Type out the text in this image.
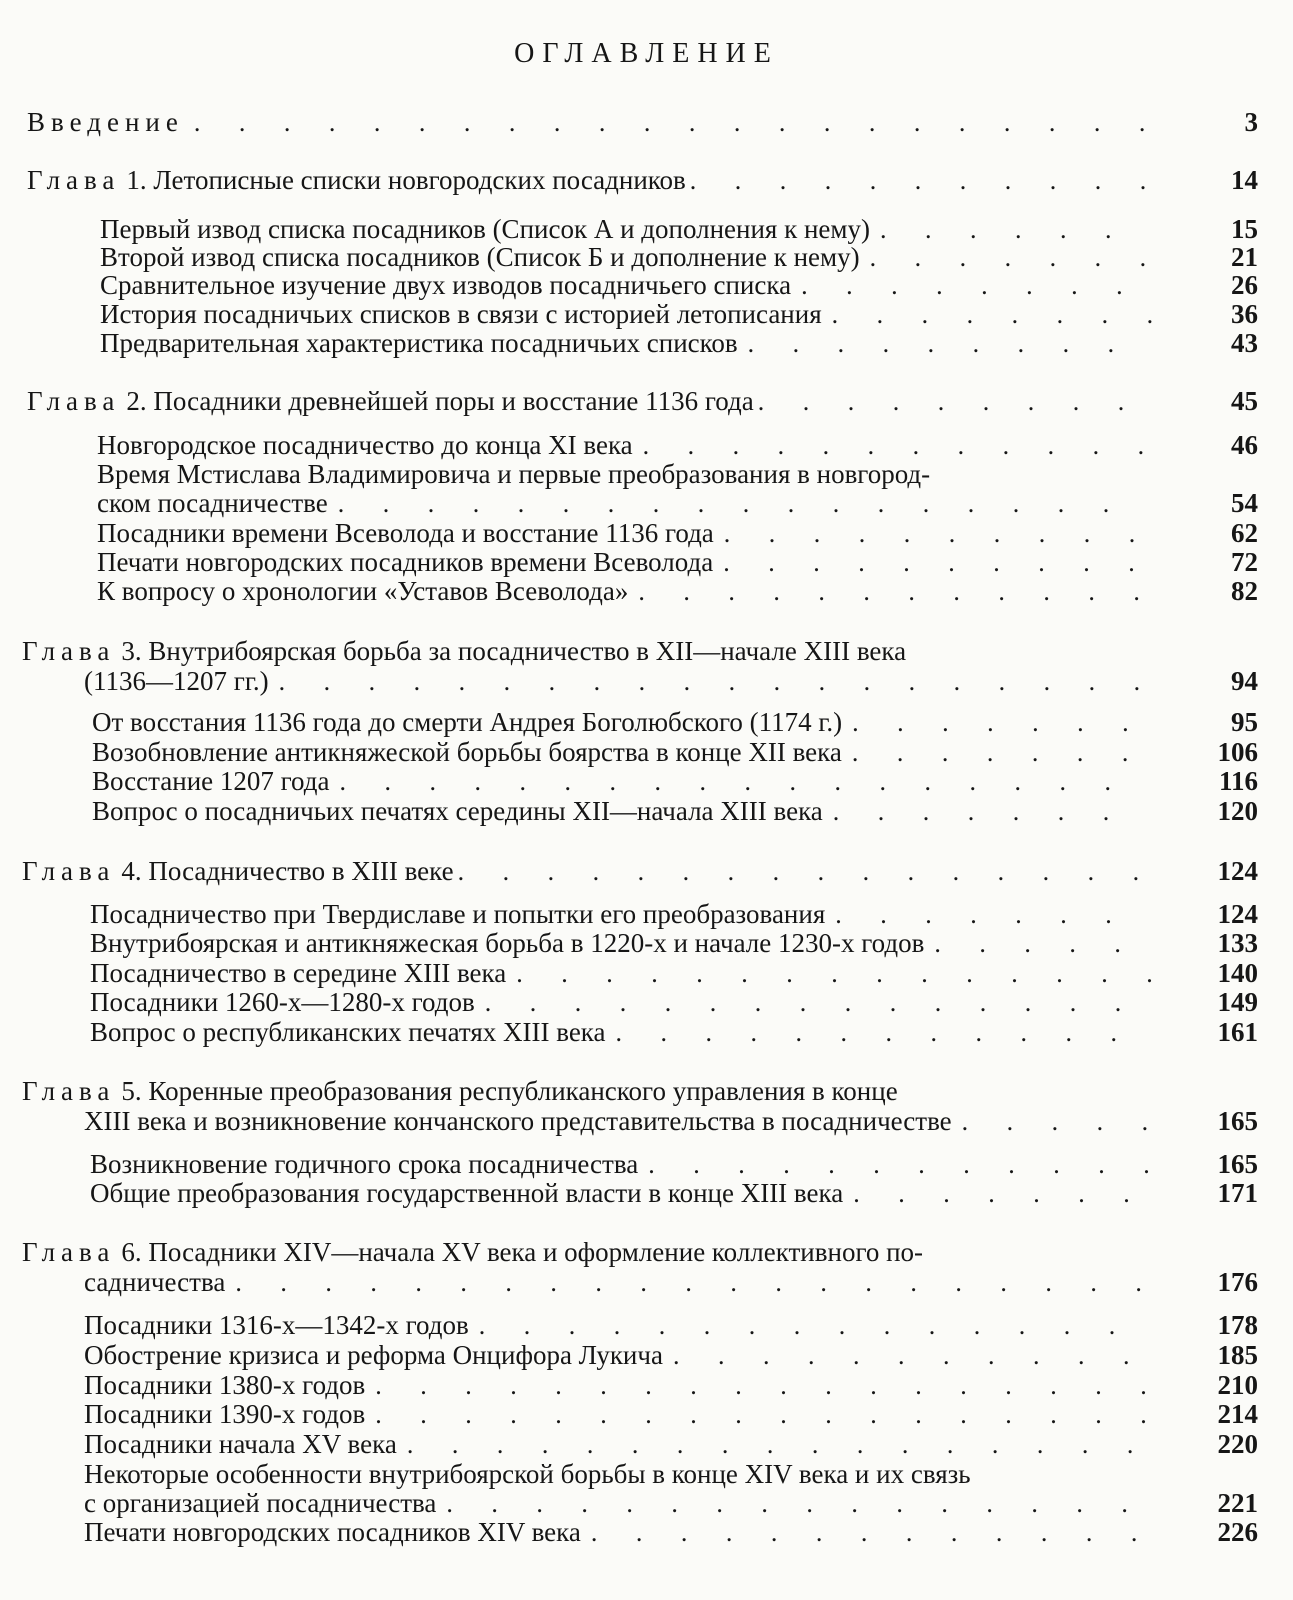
ОГЛАВЛЕНИЕ
Введение . . . . . . . . . . . . . . . . . . . . . .	3
Глава 1. Летописные списки новгородских посадников . . . . . . . . . . .	14
Первый извод списка посадников (Список А и дополнения к нему) . . . . . .	15
Второй извод списка посадников (Список Б и дополнение к нему) . . . . . . .	21
Сравнительное изучение двух изводов посадничьего списка . . . . . . . .	26
История посадничьих списков в связи с историей летописания . . . . . . . .	36
Предварительная характеристика посадничьих списков . . . . . . . . .	43
Глава 2. Посадники древнейшей поры и восстание 1136 года . . . . . . . . .	45
Новгородское посадничество до конца XI века . . . . . . . . . . . .	46
Время Мстислава Владимировича и первые преобразования в новгород-
ском посадничестве . . . . . . . . . . . . . . . . . .	54
Посадники времени Всеволода и восстание 1136 года . . . . . . . . . .	62
Печати новгородских посадников времени Всеволода . . . . . . . . . .	72
К вопросу о хронологии «Уставов Всеволода» . . . . . . . . . . . .	82
Глава 3. Внутрибоярская борьба за посадничество в XII—начале XIII века
(1136—1207 гг.) . . . . . . . . . . . . . . . . . . . .	94
От восстания 1136 года до смерти Андрея Боголюбского (1174 г.) . . . . . . .	95
Возобновление антикняжеской борьбы боярства в конце XII века . . . . . . .	106
Восстание 1207 года . . . . . . . . . . . . . . . . . .	116
Вопрос о посадничьих печатях середины XII—начала XIII века . . . . . . .	120
Глава 4. Посадничество в XIII веке . . . . . . . . . . . . . . . .	124
Посадничество при Твердиславе и попытки его преобразования . . . . . . .	124
Внутрибоярская и антикняжеская борьба в 1220-х и начале 1230-х годов . . . . .	133
Посадничество в середине XIII века . . . . . . . . . . . . . . .	140
Посадники 1260-х—1280-х годов . . . . . . . . . . . . . . .	149
Вопрос о республиканских печатях XIII века . . . . . . . . . . . .	161
Глава 5. Коренные преобразования республиканского управления в конце
XIII века и возникновение кончанского представительства в посадничестве . . . . .	165
Возникновение годичного срока посадничества . . . . . . . . . . . .	165
Общие преобразования государственной власти в конце XIII века . . . . . . .	171
Глава 6. Посадники XIV—начала XV века и оформление коллективного по-
садничества . . . . . . . . . . . . . . . . . . . . .	176
Посадники 1316-х—1342-х годов . . . . . . . . . . . . . . .	178
Обострение кризиса и реформа Онцифора Лукича . . . . . . . . . . .	185
Посадники 1380-х годов . . . . . . . . . . . . . . . . . .	210
Посадники 1390-х годов . . . . . . . . . . . . . . . . . .	214
Посадники начала XV века . . . . . . . . . . . . . . . . .	220
Некоторые особенности внутрибоярской борьбы в конце XIV века и их связь
с организацией посадничества . . . . . . . . . . . . . . . .	221
Печати новгородских посадников XIV века . . . . . . . . . . . . .	226
